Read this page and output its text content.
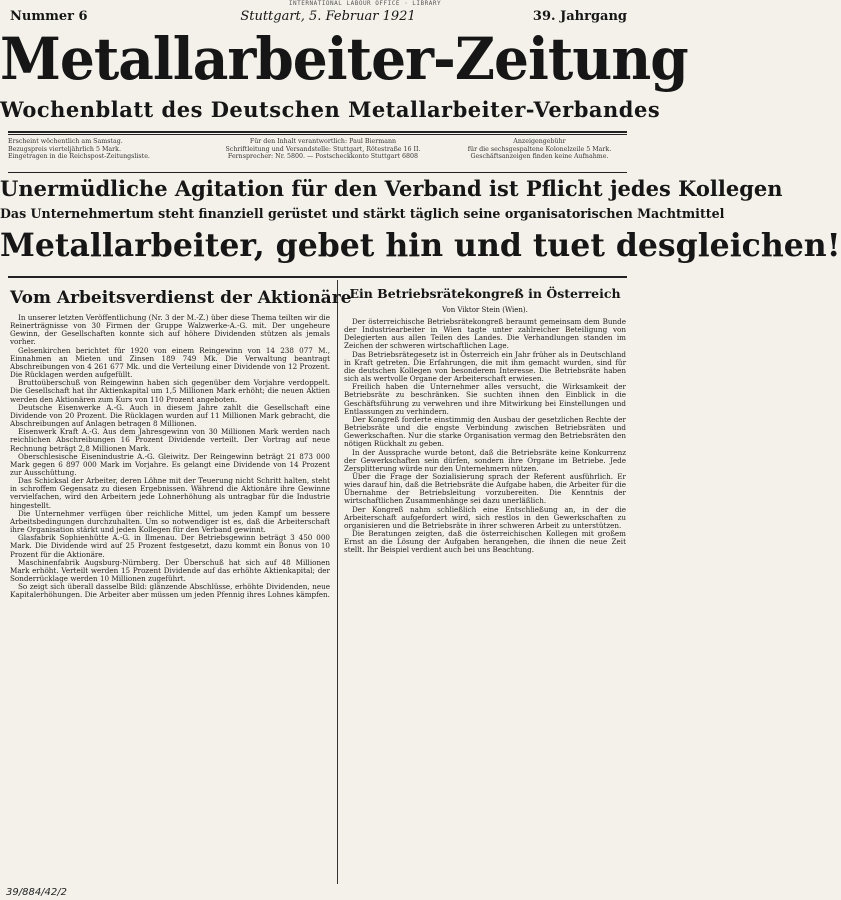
INTERNATIONAL LABOUR OFFICE · LIBRARY
Nummer 6	Stuttgart, 5. Februar 1921	39. Jahrgang
Metallarbeiter-Zeitung
Wochenblatt des Deutschen Metallarbeiter-Verbandes
Erscheint wöchentlich am Samstag.
Bezugspreis vierteljährlich 5 Mark.
Eingetragen in die Reichspost-Zeitungsliste.
Für den Inhalt verantwortlich: Paul Biermann
Schriftleitung und Versandstelle: Stuttgart, Rötestraße 16 II.
Fernsprecher: Nr. 5800. — Postscheckkonto Stuttgart 6808
Anzeigengebühr
für die sechsgespaltene Kolonelzeile 5 Mark.
Geschäftsanzeigen finden keine Aufnahme.
Unermüdliche Agitation für den Verband ist Pflicht jedes Kollegen
Das Unternehmertum steht finanziell gerüstet und stärkt täglich seine organisatorischen Machtmittel
Metallarbeiter, gebet hin und tuet desgleichen!
Vom Arbeitsverdienst der Aktionäre

In unserer letzten Veröffentlichung (Nr. 3 der M.-Z.) über diese Thema teilten wir die Reinerträgnisse von 30 Firmen der Gruppe Walzwerke-A.-G. mit. Der ungeheure Gewinn, der Gesellschaften konnte sich auf höhere Dividenden stützen als jemals vorher.

Gelsenkirchen berichtet für 1920 von einem Reingewinn von 14 238 077 M., Einnahmen an Mieten und Zinsen 189 749 Mk. Die Verwaltung beantragt Abschreibungen von 4 261 677 Mk. und die Verteilung einer Dividende von 12 Prozent. Die Rücklagen werden aufgefüllt.

Bruttoüberschuß von Reingewinn haben sich gegenüber dem Vorjahre verdoppelt. Die Gesellschaft hat ihr Aktienkapital um 1,5 Millionen Mark erhöht; die neuen Aktien werden den Aktionären zum Kurs von 110 Prozent angeboten.

Deutsche Eisenwerke A.-G. Auch in diesem Jahre zahlt die Gesellschaft eine Dividende von 20 Prozent. Die Rücklagen wurden auf 11 Millionen Mark gebracht, die Abschreibungen auf Anlagen betragen 8 Millionen.

Eisenwerk Kraft A.-G. Aus dem Jahresgewinn von 30 Millionen Mark werden nach reichlichen Abschreibungen 16 Prozent Dividende verteilt. Der Vortrag auf neue Rechnung beträgt 2,8 Millionen Mark.

Oberschlesische Eisenindustrie A.-G. Gleiwitz. Der Reingewinn beträgt 21 873 000 Mark gegen 6 897 000 Mark im Vorjahre. Es gelangt eine Dividende von 14 Prozent zur Ausschüttung.

Das Schicksal der Arbeiter, deren Löhne mit der Teuerung nicht Schritt halten, steht in schroffem Gegensatz zu diesen Ergebnissen. Während die Aktionäre ihre Gewinne vervielfachen, wird den Arbeitern jede Lohnerhöhung als untragbar für die Industrie hingestellt.

Die Unternehmer verfügen über reichliche Mittel, um jeden Kampf um bessere Arbeitsbedingungen durchzuhalten. Um so notwendiger ist es, daß die Arbeiterschaft ihre Organisation stärkt und jeden Kollegen für den Verband gewinnt.

Glasfabrik Sophienhütte A.-G. in Ilmenau. Der Betriebsgewinn beträgt 3 450 000 Mark. Die Dividende wird auf 25 Prozent festgesetzt, dazu kommt ein Bonus von 10 Prozent für die Aktionäre.

Maschinenfabrik Augsburg-Nürnberg. Der Überschuß hat sich auf 48 Millionen Mark erhöht. Verteilt werden 15 Prozent Dividende auf das erhöhte Aktienkapital; der Sonderrücklage werden 10 Millionen zugeführt.

So zeigt sich überall dasselbe Bild: glänzende Abschlüsse, erhöhte Dividenden, neue Kapitalerhöhungen. Die Arbeiter aber müssen um jeden Pfennig ihres Lohnes kämpfen.

Ein Betriebsrätekongreß in Österreich
Von Viktor Stein (Wien).

Der österreichische Betriebsrätekongreß beraumt gemeinsam dem Bunde der Industriearbeiter in Wien tagte unter zahlreicher Beteiligung von Delegierten aus allen Teilen des Landes. Die Verhandlungen standen im Zeichen der schweren wirtschaftlichen Lage.

Das Betriebsrätegesetz ist in Österreich ein Jahr früher als in Deutschland in Kraft getreten. Die Erfahrungen, die mit ihm gemacht wurden, sind für die deutschen Kollegen von besonderem Interesse. Die Betriebsräte haben sich als wertvolle Organe der Arbeiterschaft erwiesen.

Freilich haben die Unternehmer alles versucht, die Wirksamkeit der Betriebsräte zu beschränken. Sie suchten ihnen den Einblick in die Geschäftsführung zu verwehren und ihre Mitwirkung bei Einstellungen und Entlassungen zu verhindern.

Der Kongreß forderte einstimmig den Ausbau der gesetzlichen Rechte der Betriebsräte und die engste Verbindung zwischen Betriebsräten und Gewerkschaften. Nur die starke Organisation vermag den Betriebsräten den nötigen Rückhalt zu geben.

In der Aussprache wurde betont, daß die Betriebsräte keine Konkurrenz der Gewerkschaften sein dürfen, sondern ihre Organe im Betriebe. Jede Zersplitterung würde nur den Unternehmern nützen.

Über die Frage der Sozialisierung sprach der Referent ausführlich. Er wies darauf hin, daß die Betriebsräte die Aufgabe haben, die Arbeiter für die Übernahme der Betriebsleitung vorzubereiten. Die Kenntnis der wirtschaftlichen Zusammenhänge sei dazu unerläßlich.

Der Kongreß nahm schließlich eine Entschließung an, in der die Arbeiterschaft aufgefordert wird, sich restlos in den Gewerkschaften zu organisieren und die Betriebsräte in ihrer schweren Arbeit zu unterstützen.

Die Beratungen zeigten, daß die österreichischen Kollegen mit großem Ernst an die Lösung der Aufgaben herangehen, die ihnen die neue Zeit stellt. Ihr Beispiel verdient auch bei uns Beachtung.

39/884/42/2
